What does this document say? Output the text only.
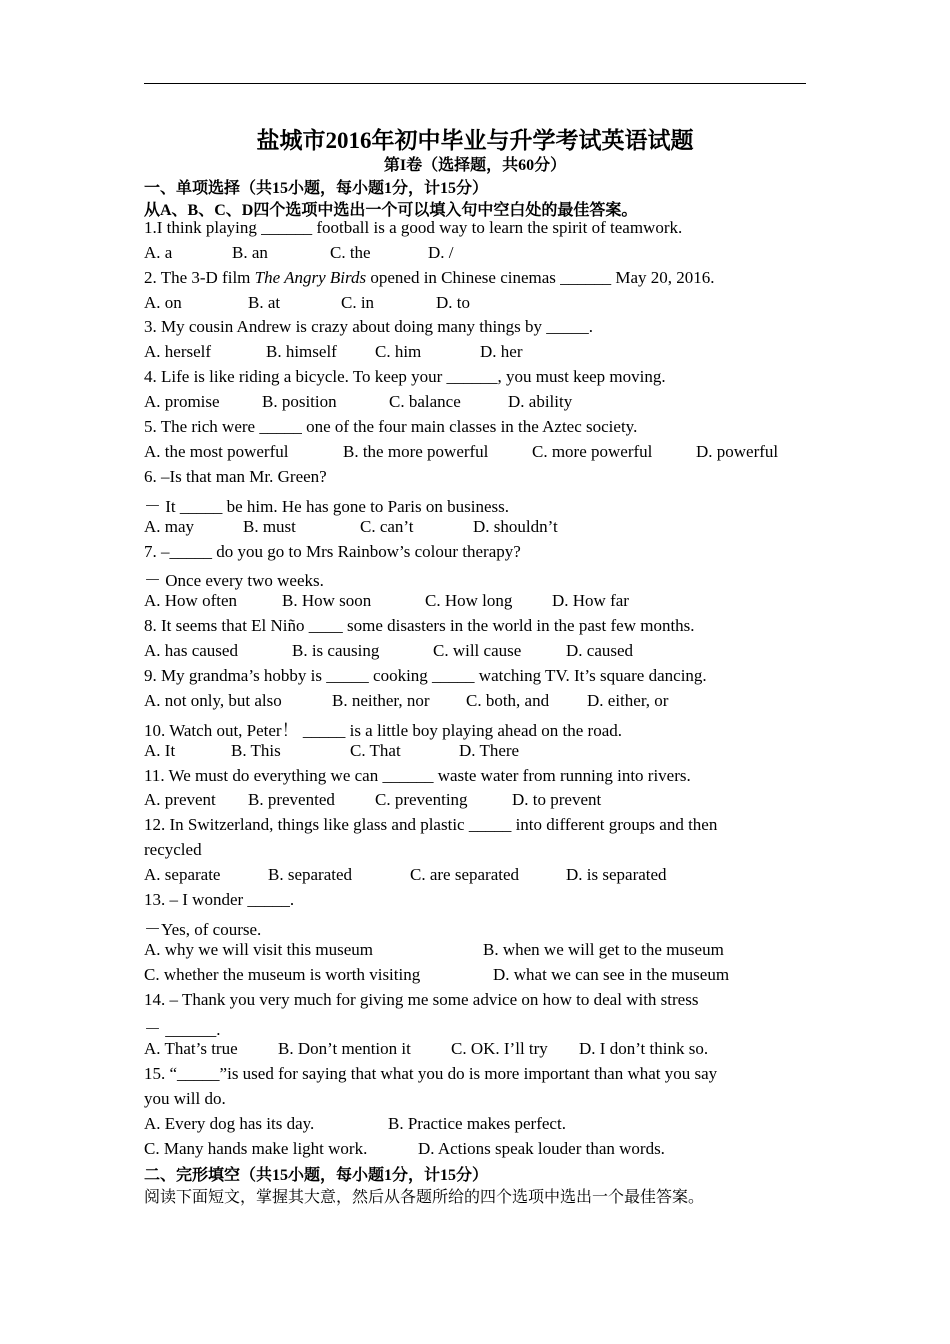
盐城市2016年初中毕业与升学考试英语试题
第I卷（选择题，共60分）
一、单项选择（共15小题，每小题1分，计15分）
从A、B、C、D四个选项中选出一个可以填入句中空白处的最佳答案。
1.I think playing ______ football is a good way to learn the spirit of teamwork.
A. a	B. an	C. the	D. /
2. The 3-D film The Angry Birds opened in Chinese cinemas ______ May 20, 2016.
A. on	B. at	C. in	D. to
3. My cousin Andrew is crazy about doing many things by _____.
A. herself	B. himself C. him	D. her
4. Life is like riding a bicycle. To keep your ______, you must keep moving.
A. promise B. position	C. balance	D. ability
5. The rich were _____ one of the four main classes in the Aztec society.
A. the most powerful	B. the more powerful	C. more powerful	D. powerful
6. –Is that man Mr. Green?
－ It _____ be him. He has gone to Paris on business.
A. may	B. must	C. can’t	D. shouldn’t
7. –_____ do you go to Mrs Rainbow’s colour therapy?
－ Once every two weeks.
A. How often	B. How soon	C. How long D. How far
8. It seems that El Niño ____ some disasters in the world in the past few months.
A. has caused	B. is causing	C. will cause	D. caused
9. My grandma’s hobby is _____ cooking _____ watching TV. It’s square dancing.
A. not only, but also	B. neither, nor C. both, and D. either, or
10. Watch out, Peter！ _____ is a little boy playing ahead on the road.
A. It	B. This	C. That	D. There
11. We must do everything we can ______ waste water from running into rivers.
A. prevent B. prevented C. preventing	D. to prevent
12. In Switzerland, things like glass and plastic _____ into different groups and then
recycled
A. separate	B. separated	C. are separated	D. is separated
13. – I wonder _____.
－Yes, of course.
A. why we will visit this museum	B. when we will get to the museum
C. whether the museum is worth visiting	D. what we can see in the museum
14. – Thank you very much for giving me some advice on how to deal with stress
－ ______.
A. That’s true B. Don’t mention it C. OK. I’ll try D. I don’t think so.
15. “_____”is used for saying that what you do is more important than what you say
you will do.
A. Every dog has its day.	B. Practice makes perfect.
C. Many hands make light work.	D. Actions speak louder than words.
二、完形填空（共15小题，每小题1分，计15分）
阅读下面短文，掌握其大意，然后从各题所给的四个选项中选出一个最佳答案。
